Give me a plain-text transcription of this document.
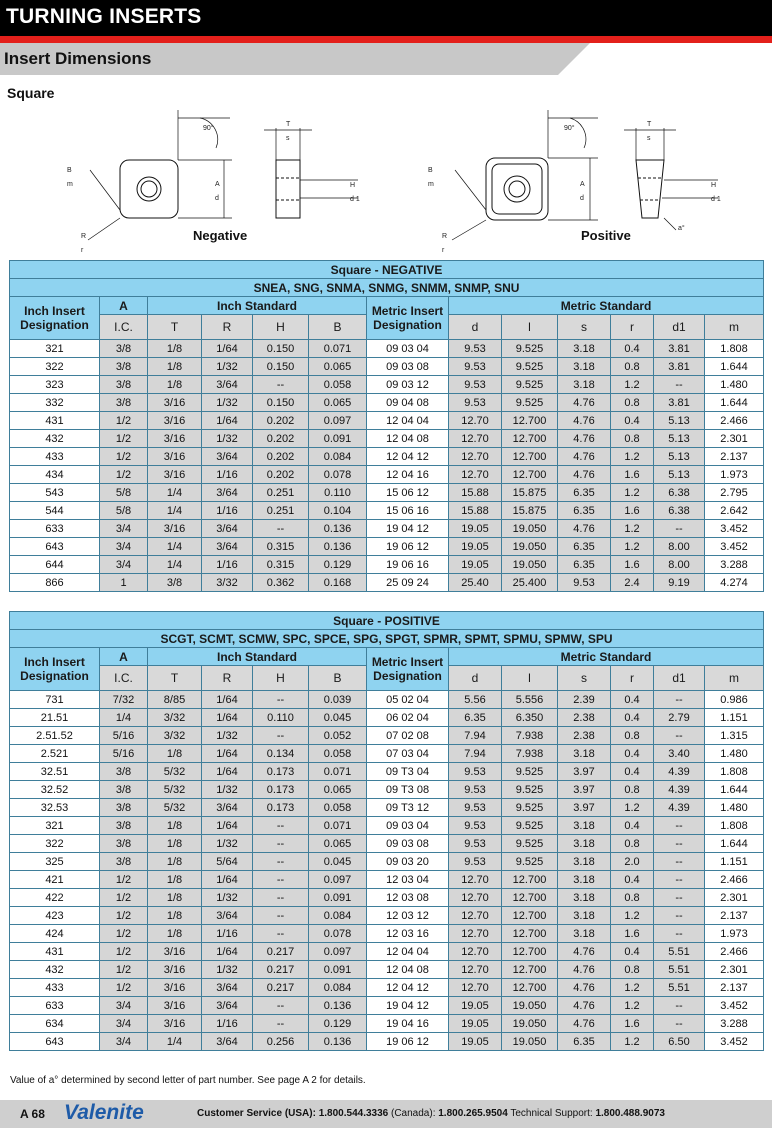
TURNING INSERTS
Insert Dimensions
Square
90°
B
m	A
d
R
r
Negative
T
s
H
d 1
90°
B
m	A
d
R
r
Positive
T
s
H
d 1
a°
Square - NEGATIVE												
SNEA, SNG, SNMA, SNMG, SNMM, SNMP, SNU												
Inch Insert Designation	A	Inch Standard				Metric Insert Designation	Metric Standard					
	I.C.	T	R	H	B		d	l	s	r	d1	m
321	3/8	1/8	1/64	0.150	0.071	09 03 04	9.53	9.525	3.18	0.4	3.81	1.808
322	3/8	1/8	1/32	0.150	0.065	09 03 08	9.53	9.525	3.18	0.8	3.81	1.644
323	3/8	1/8	3/64	--	0.058	09 03 12	9.53	9.525	3.18	1.2	--	1.480
332	3/8	3/16	1/32	0.150	0.065	09 04 08	9.53	9.525	4.76	0.8	3.81	1.644
431	1/2	3/16	1/64	0.202	0.097	12 04 04	12.70	12.700	4.76	0.4	5.13	2.466
432	1/2	3/16	1/32	0.202	0.091	12 04 08	12.70	12.700	4.76	0.8	5.13	2.301
433	1/2	3/16	3/64	0.202	0.084	12 04 12	12.70	12.700	4.76	1.2	5.13	2.137
434	1/2	3/16	1/16	0.202	0.078	12 04 16	12.70	12.700	4.76	1.6	5.13	1.973
543	5/8	1/4	3/64	0.251	0.110	15 06 12	15.88	15.875	6.35	1.2	6.38	2.795
544	5/8	1/4	1/16	0.251	0.104	15 06 16	15.88	15.875	6.35	1.6	6.38	2.642
633	3/4	3/16	3/64	--	0.136	19 04 12	19.05	19.050	4.76	1.2	--	3.452
643	3/4	1/4	3/64	0.315	0.136	19 06 12	19.05	19.050	6.35	1.2	8.00	3.452
644	3/4	1/4	1/16	0.315	0.129	19 06 16	19.05	19.050	6.35	1.6	8.00	3.288
866	1	3/8	3/32	0.362	0.168	25 09 24	25.40	25.400	9.53	2.4	9.19	4.274
Square - POSITIVE												
SCGT, SCMT, SCMW, SPC, SPCE, SPG, SPGT, SPMR, SPMT, SPMU, SPMW, SPU												
Inch Insert Designation	A	Inch Standard				Metric Insert Designation	Metric Standard					
	I.C.	T	R	H	B		d	l	s	r	d1	m
731	7/32	8/85	1/64	--	0.039	05 02 04	5.56	5.556	2.39	0.4	--	0.986
21.51	1/4	3/32	1/64	0.110	0.045	06 02 04	6.35	6.350	2.38	0.4	2.79	1.151
2.51.52	5/16	3/32	1/32	--	0.052	07 02 08	7.94	7.938	2.38	0.8	--	1.315
2.521	5/16	1/8	1/64	0.134	0.058	07 03 04	7.94	7.938	3.18	0.4	3.40	1.480
32.51	3/8	5/32	1/64	0.173	0.071	09 T3 04	9.53	9.525	3.97	0.4	4.39	1.808
32.52	3/8	5/32	1/32	0.173	0.065	09 T3 08	9.53	9.525	3.97	0.8	4.39	1.644
32.53	3/8	5/32	3/64	0.173	0.058	09 T3 12	9.53	9.525	3.97	1.2	4.39	1.480
321	3/8	1/8	1/64	--	0.071	09 03 04	9.53	9.525	3.18	0.4	--	1.808
322	3/8	1/8	1/32	--	0.065	09 03 08	9.53	9.525	3.18	0.8	--	1.644
325	3/8	1/8	5/64	--	0.045	09 03 20	9.53	9.525	3.18	2.0	--	1.151
421	1/2	1/8	1/64	--	0.097	12 03 04	12.70	12.700	3.18	0.4	--	2.466
422	1/2	1/8	1/32	--	0.091	12 03 08	12.70	12.700	3.18	0.8	--	2.301
423	1/2	1/8	3/64	--	0.084	12 03 12	12.70	12.700	3.18	1.2	--	2.137
424	1/2	1/8	1/16	--	0.078	12 03 16	12.70	12.700	3.18	1.6	--	1.973
431	1/2	3/16	1/64	0.217	0.097	12 04 04	12.70	12.700	4.76	0.4	5.51	2.466
432	1/2	3/16	1/32	0.217	0.091	12 04 08	12.70	12.700	4.76	0.8	5.51	2.301
433	1/2	3/16	3/64	0.217	0.084	12 04 12	12.70	12.700	4.76	1.2	5.51	2.137
633	3/4	3/16	3/64	--	0.136	19 04 12	19.05	19.050	4.76	1.2	--	3.452
634	3/4	3/16	1/16	--	0.129	19 04 16	19.05	19.050	4.76	1.6	--	3.288
643	3/4	1/4	3/64	0.256	0.136	19 06 12	19.05	19.050	6.35	1.2	6.50	3.452
Value of a° determined by second letter of part number. See page A 2 for details.
A 68 Valenite	Customer Service (USA): 1.800.544.3336 (Canada): 1.800.265.9504 Technical Support: 1.800.488.9073
